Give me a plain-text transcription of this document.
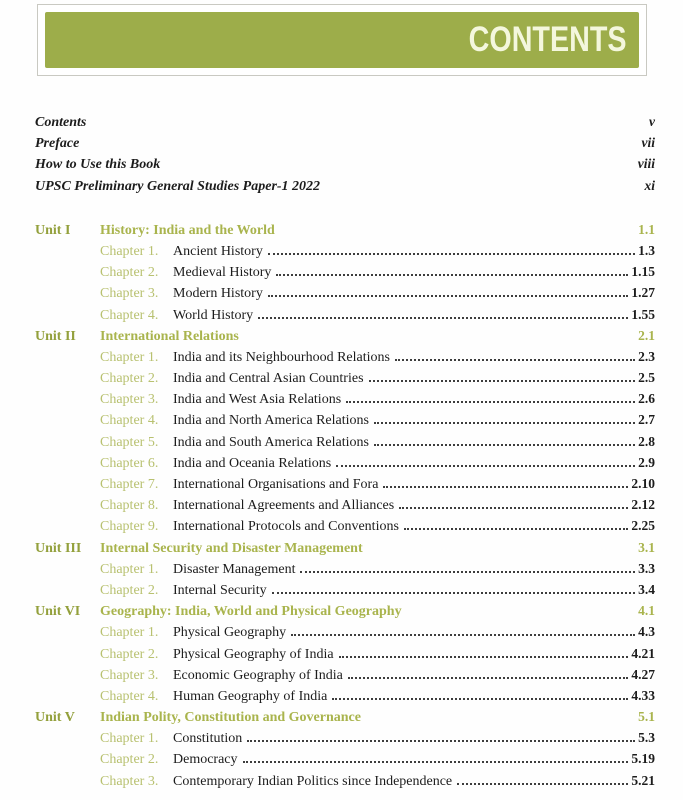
CONTENTS
Contents	v
Preface	vii
How to Use this Book	viii
UPSC Preliminary General Studies Paper-1 2022	xi
Unit I	History: India and the World	1.1
Chapter 1.	Ancient History	1.3
Chapter 2.	Medieval History	1.15
Chapter 3.	Modern History	1.27
Chapter 4.	World History	1.55
Unit II	International Relations	2.1
Chapter 1.	India and its Neighbourhood Relations	2.3
Chapter 2.	India and Central Asian Countries	2.5
Chapter 3.	India and West Asia Relations	2.6
Chapter 4.	India and North America Relations	2.7
Chapter 5.	India and South America Relations	2.8
Chapter 6.	India and Oceania Relations	2.9
Chapter 7.	International Organisations and Fora	2.10
Chapter 8.	International Agreements and Alliances	2.12
Chapter 9.	International Protocols and Conventions	2.25
Unit III	Internal Security and Disaster Management	3.1
Chapter 1.	Disaster Management	3.3
Chapter 2.	Internal Security	3.4
Unit VI	Geography: India, World and Physical Geography	4.1
Chapter 1.	Physical Geography	4.3
Chapter 2.	Physical Geography of India	4.21
Chapter 3.	Economic Geography of India	4.27
Chapter 4.	Human Geography of India	4.33
Unit V	Indian Polity, Constitution and Governance	5.1
Chapter 1.	Constitution	5.3
Chapter 2.	Democracy	5.19
Chapter 3.	Contemporary Indian Politics since Independence	5.21
